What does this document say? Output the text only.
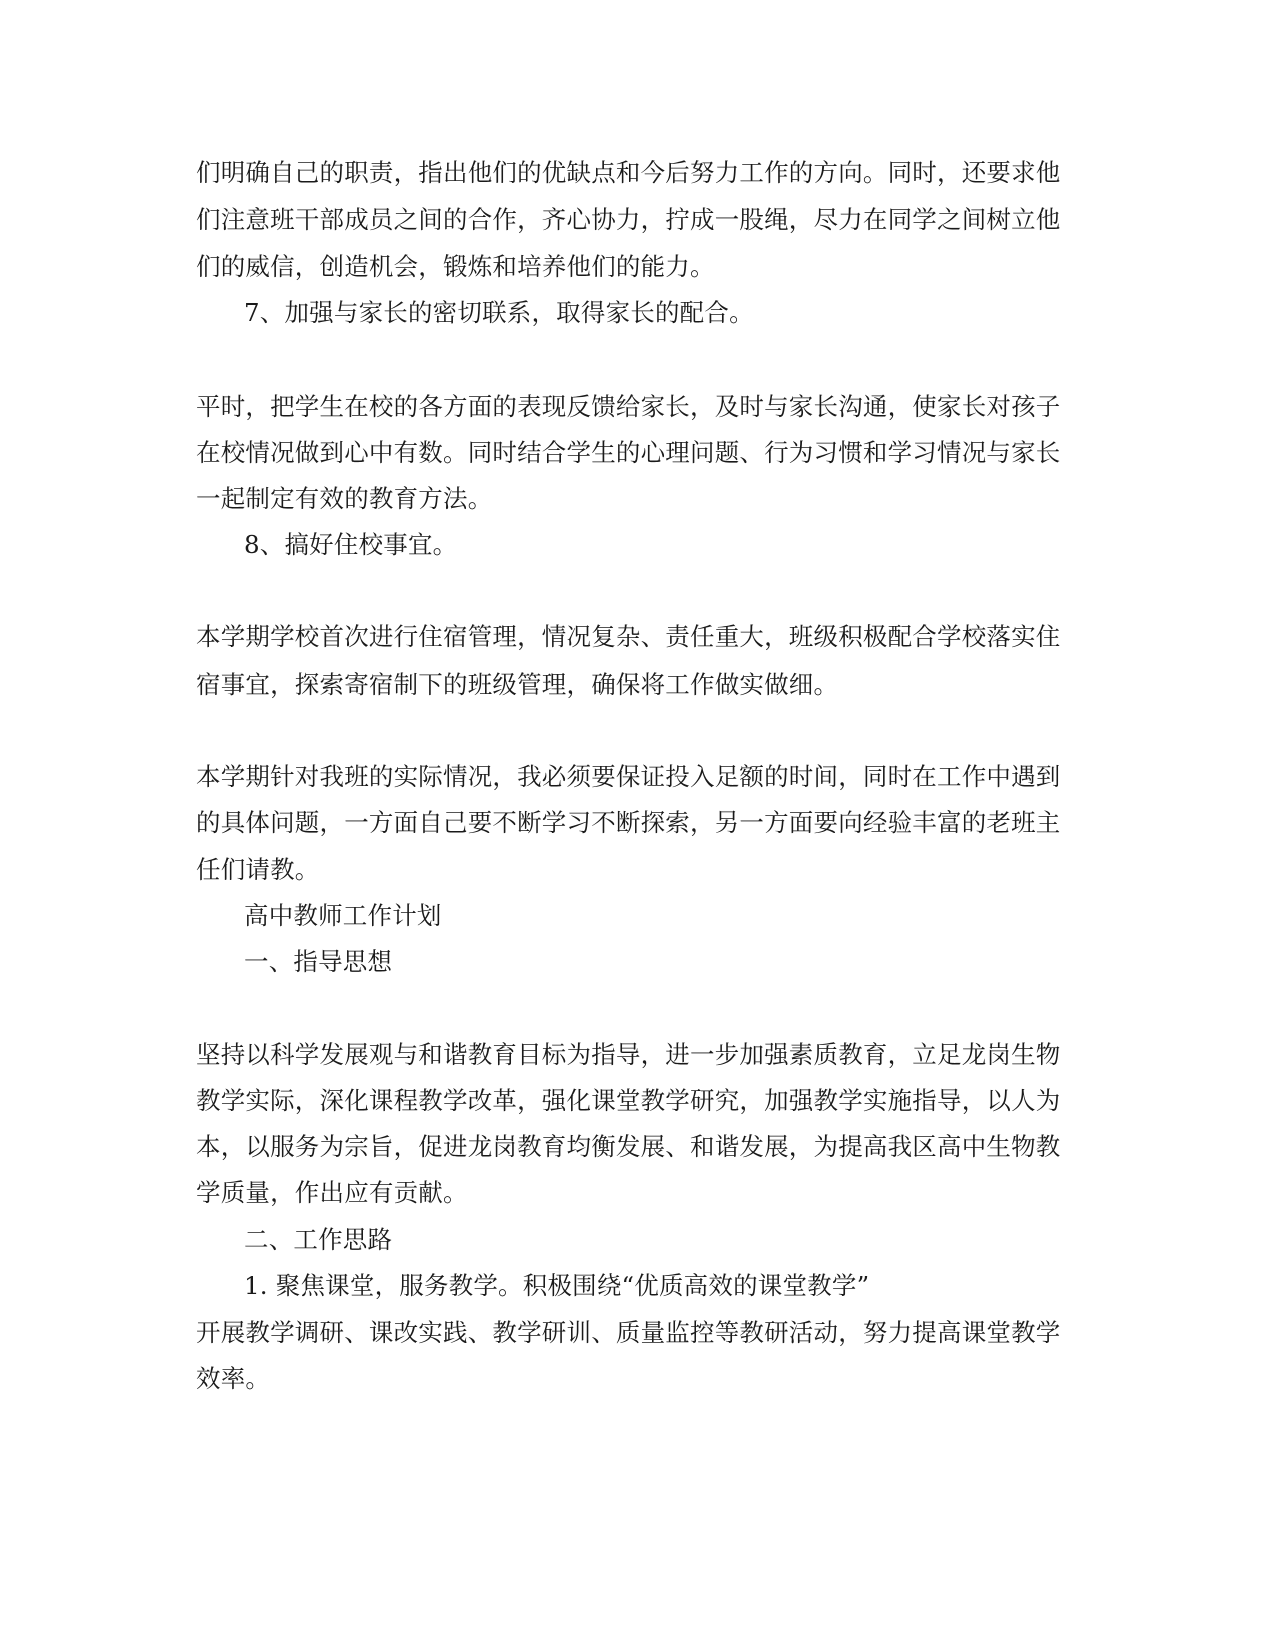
们明确自己的职责，指出他们的优缺点和今后努力工作的方向。同时，还要求他
们注意班干部成员之间的合作，齐心协力，拧成一股绳，尽力在同学之间树立他
们的威信，创造机会，锻炼和培养他们的能力。
7、加强与家长的密切联系，取得家长的配合。
平时，把学生在校的各方面的表现反馈给家长，及时与家长沟通，使家长对孩子
在校情况做到心中有数。同时结合学生的心理问题、行为习惯和学习情况与家长
一起制定有效的教育方法。
8、搞好住校事宜。
本学期学校首次进行住宿管理，情况复杂、责任重大，班级积极配合学校落实住
宿事宜，探索寄宿制下的班级管理，确保将工作做实做细。
本学期针对我班的实际情况，我必须要保证投入足额的时间，同时在工作中遇到
的具体问题，一方面自己要不断学习不断探索，另一方面要向经验丰富的老班主
任们请教。
高中教师工作计划
一、指导思想
坚持以科学发展观与和谐教育目标为指导，进一步加强素质教育，立足龙岗生物
教学实际，深化课程教学改革，强化课堂教学研究，加强教学实施指导，以人为
本，以服务为宗旨，促进龙岗教育均衡发展、和谐发展，为提高我区高中生物教
学质量，作出应有贡献。
二、工作思路
1. 聚焦课堂，服务教学。积极围绕“优质高效的课堂教学”
开展教学调研、课改实践、教学研训、质量监控等教研活动，努力提高课堂教学
效率。
